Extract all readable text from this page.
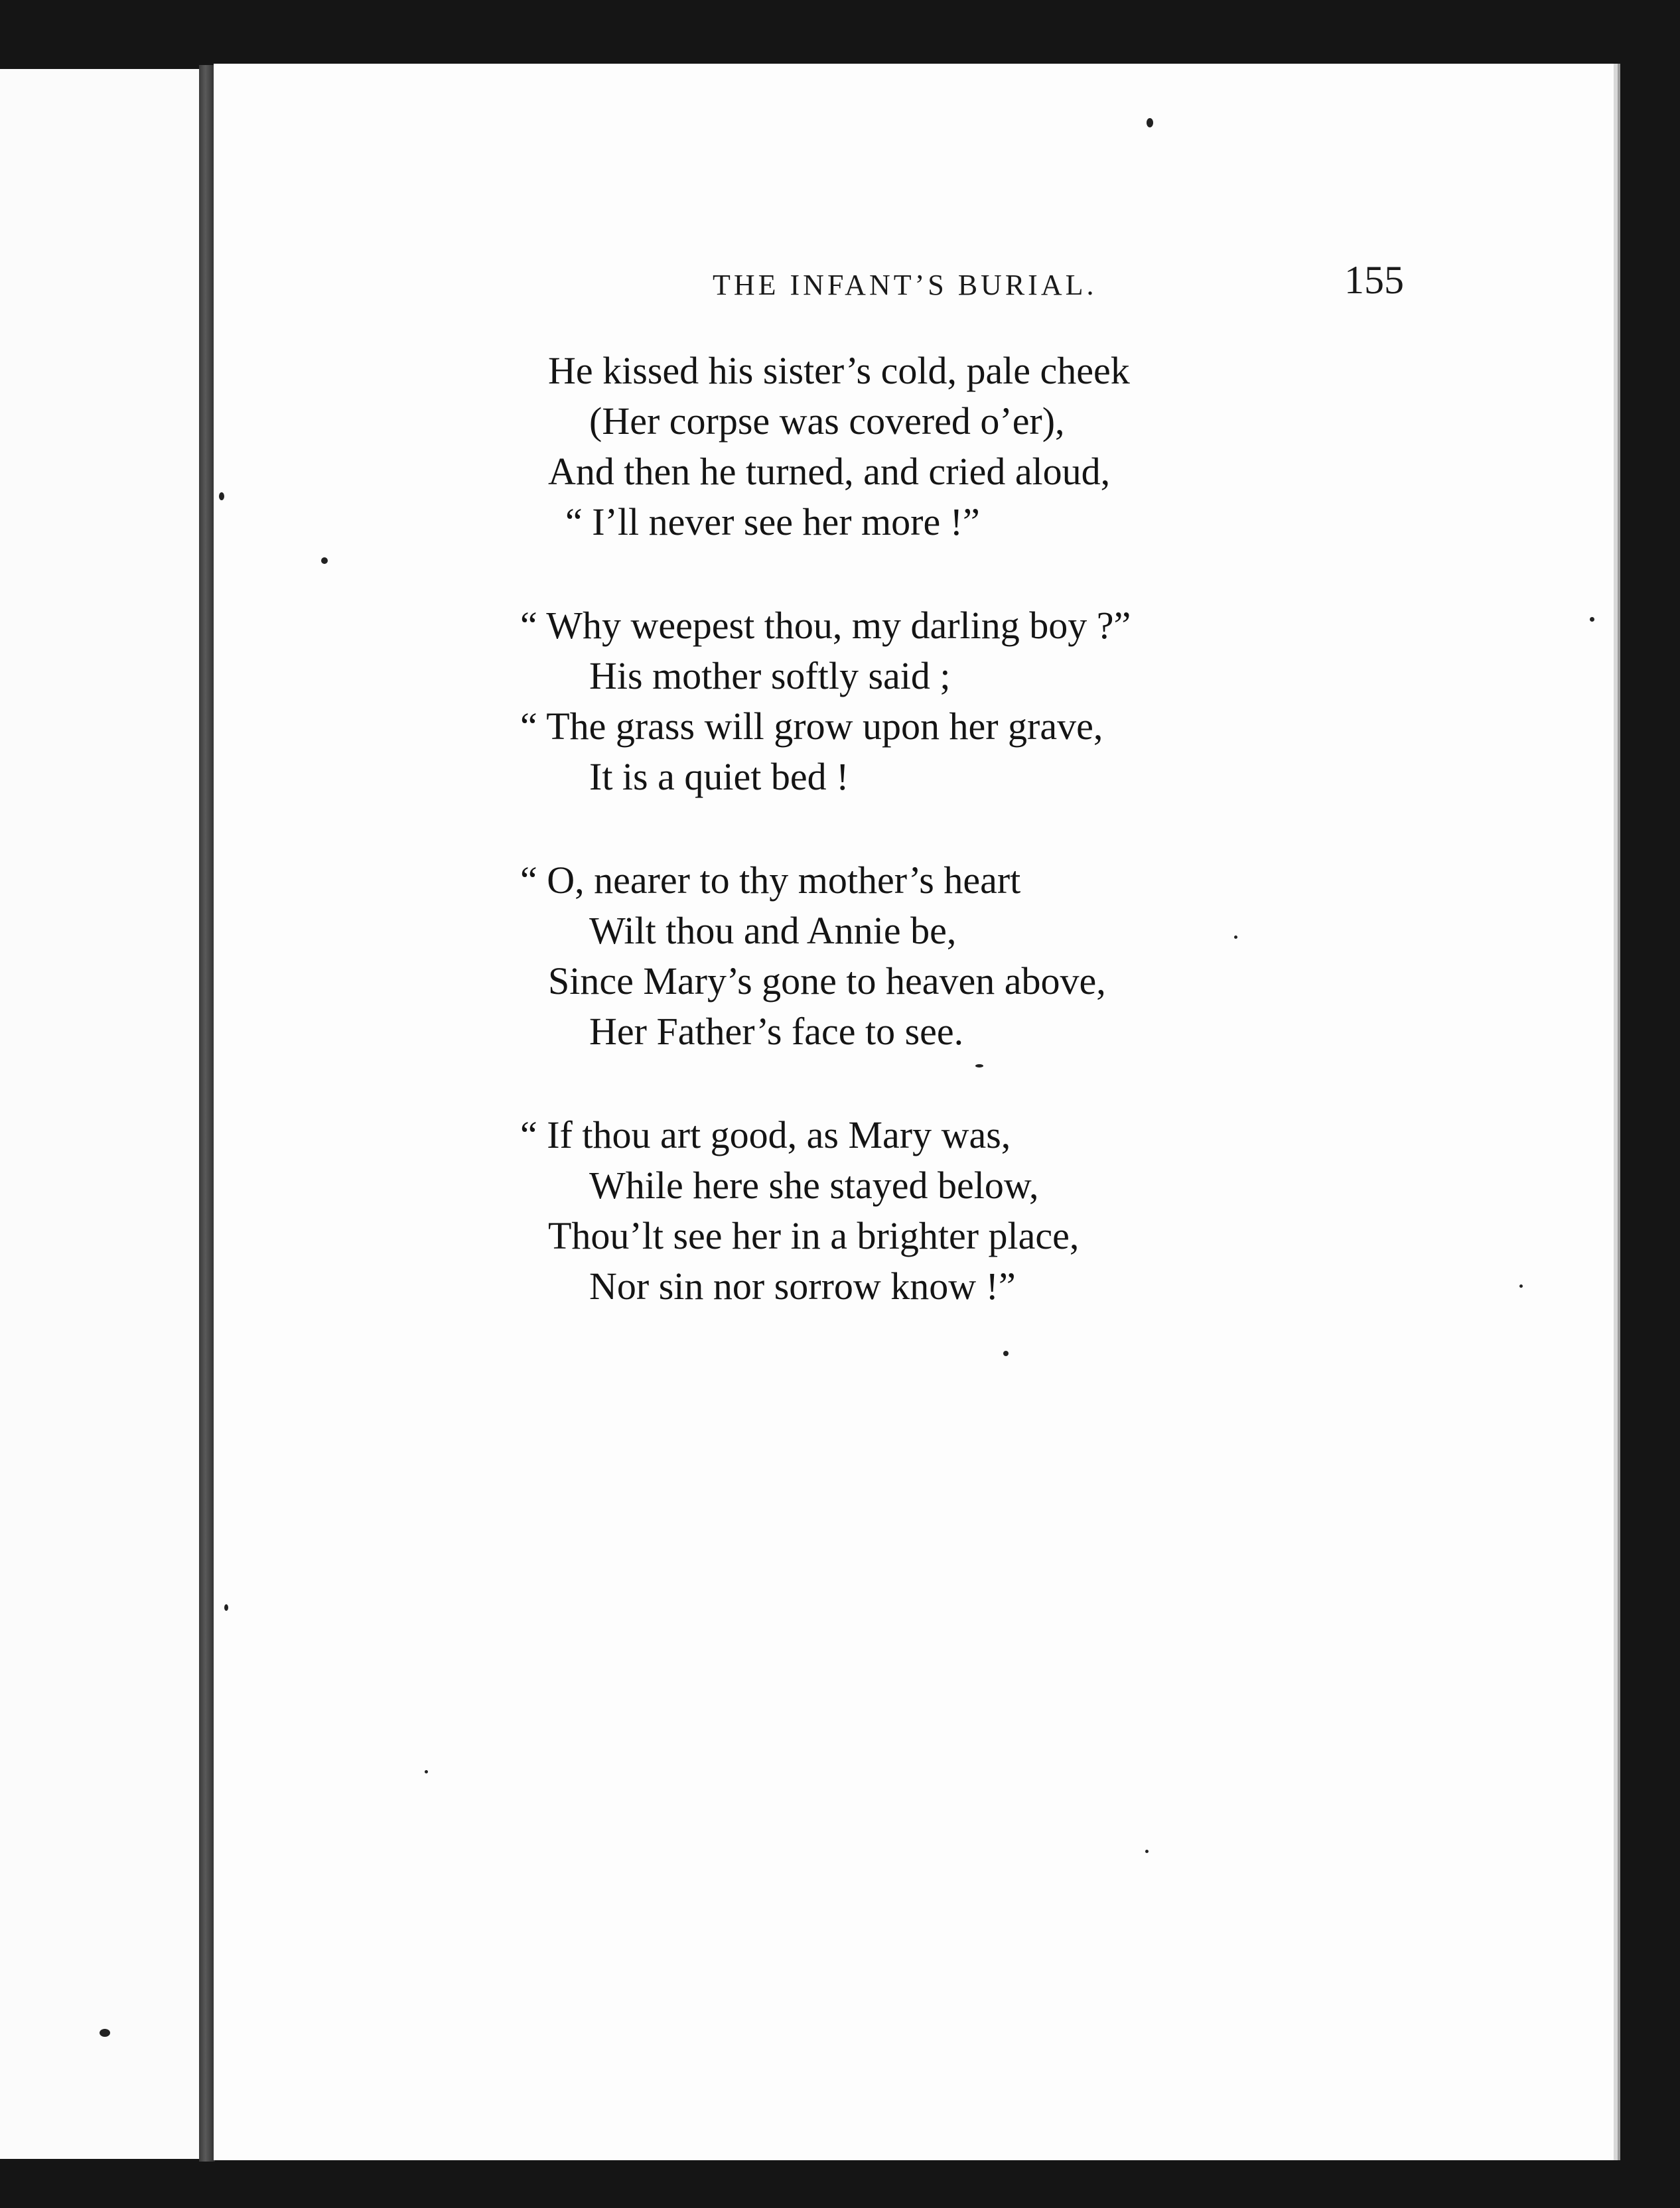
THE INFANT’S BURIAL.	155
He kissed his sister’s cold, pale cheek
(Her corpse was covered o’er),
And then he turned, and cried aloud,
“ I’ll never see her more !”
“ Why weepest thou, my darling boy ?”
His mother softly said ;
“ The grass will grow upon her grave,
It is a quiet bed !
“ O, nearer to thy mother’s heart
Wilt thou and Annie be,
Since Mary’s gone to heaven above,
Her Father’s face to see.
“ If thou art good, as Mary was,
While here she stayed below,
Thou’lt see her in a brighter place,
Nor sin nor sorrow know !”
